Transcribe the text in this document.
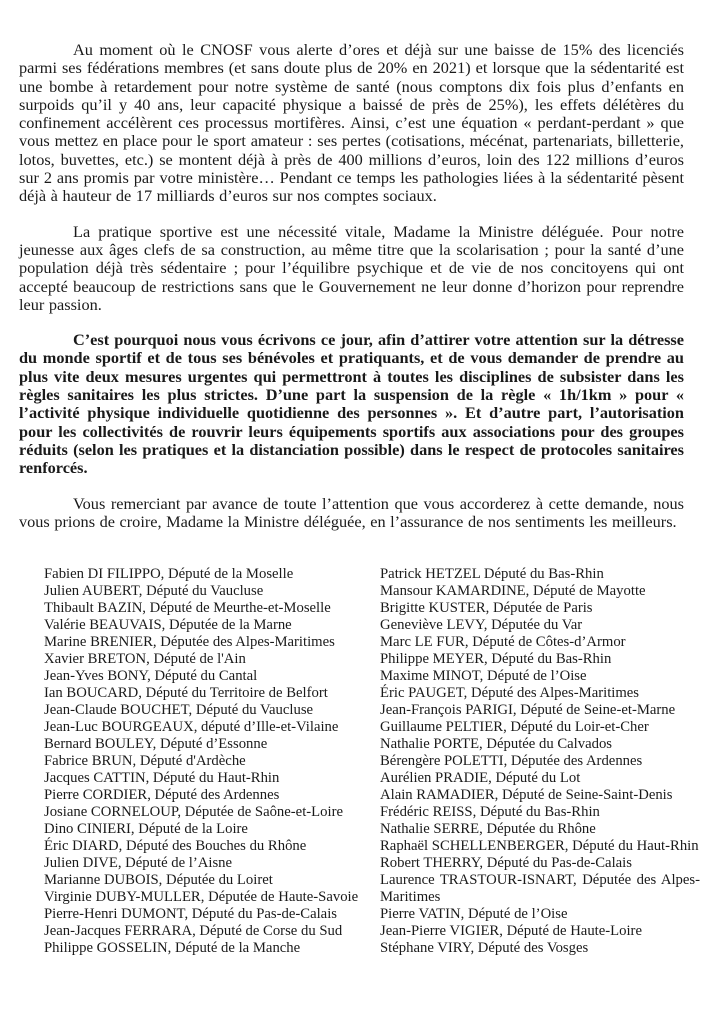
Au moment où le CNOSF vous alerte d’ores et déjà sur une baisse de 15% des licenciés parmi ses fédérations membres (et sans doute plus de 20% en 2021) et lorsque que la sédentarité est une bombe à retardement pour notre système de santé (nous comptons dix fois plus d’enfants en surpoids qu’il y 40 ans, leur capacité physique a baissé de près de 25%), les effets délétères du confinement accélèrent ces processus mortifères. Ainsi, c’est une équation « perdant-perdant » que vous mettez en place pour le sport amateur : ses pertes (cotisations, mécénat, partenariats, billetterie, lotos, buvettes, etc.) se montent déjà à près de 400 millions d’euros, loin des 122 millions d’euros sur 2 ans promis par votre ministère… Pendant ce temps les pathologies liées à la sédentarité pèsent déjà à hauteur de 17 milliards d’euros sur nos comptes sociaux.

La pratique sportive est une nécessité vitale, Madame la Ministre déléguée. Pour notre jeunesse aux âges clefs de sa construction, au même titre que la scolarisation ; pour la santé d’une population déjà très sédentaire ; pour l’équilibre psychique et de vie de nos concitoyens qui ont accepté beaucoup de restrictions sans que le Gouvernement ne leur donne d’horizon pour reprendre leur passion.

C’est pourquoi nous vous écrivons ce jour, afin d’attirer votre attention sur la détresse du monde sportif et de tous ses bénévoles et pratiquants, et de vous demander de prendre au plus vite deux mesures urgentes qui permettront à toutes les disciplines de subsister dans les règles sanitaires les plus strictes. D’une part la suspension de la règle « 1h/1km » pour « l’activité physique individuelle quotidienne des personnes ». Et d’autre part, l’autorisation pour les collectivités de rouvrir leurs équipements sportifs aux associations pour des groupes réduits (selon les pratiques et la distanciation possible) dans le respect de protocoles sanitaires renforcés.

Vous remerciant par avance de toute l’attention que vous accorderez à cette demande, nous vous prions de croire, Madame la Ministre déléguée, en l’assurance de nos sentiments les meilleurs.

Fabien DI FILIPPO, Député de la Moselle
Julien AUBERT, Député du Vaucluse
Thibault BAZIN, Député de Meurthe-et-Moselle
Valérie BEAUVAIS, Députée de la Marne
Marine BRENIER, Députée des Alpes-Maritimes
Xavier BRETON, Député de l'Ain
Jean-Yves BONY, Député du Cantal
Ian BOUCARD, Député du Territoire de Belfort
Jean-Claude BOUCHET, Député du Vaucluse
Jean-Luc BOURGEAUX, député d’Ille-et-Vilaine
Bernard BOULEY, Député d’Essonne
Fabrice BRUN, Député d'Ardèche
Jacques CATTIN, Député du Haut-Rhin
Pierre CORDIER, Député des Ardennes
Josiane CORNELOUP, Députée de Saône-et-Loire
Dino CINIERI, Député de la Loire
Éric DIARD, Député des Bouches du Rhône
Julien DIVE, Député de l’Aisne
Marianne DUBOIS, Députée du Loiret
Virginie DUBY-MULLER, Députée de Haute-Savoie
Pierre-Henri DUMONT, Député du Pas-de-Calais
Jean-Jacques FERRARA, Député de Corse du Sud
Philippe GOSSELIN, Député de la Manche
Patrick HETZEL Député du Bas-Rhin
Mansour KAMARDINE, Député de Mayotte
Brigitte KUSTER, Députée de Paris
Geneviève LEVY, Députée du Var
Marc LE FUR, Député de Côtes-d’Armor
Philippe MEYER, Député du Bas-Rhin
Maxime MINOT, Député de l’Oise
Éric PAUGET, Député des Alpes-Maritimes
Jean-François PARIGI, Député de Seine-et-Marne
Guillaume PELTIER, Député du Loir-et-Cher
Nathalie PORTE, Députée du Calvados
Bérengère POLETTI, Députée des Ardennes
Aurélien PRADIE, Député du Lot
Alain RAMADIER, Député de Seine-Saint-Denis
Frédéric REISS, Député du Bas-Rhin
Nathalie SERRE, Députée du Rhône
Raphaël SCHELLENBERGER, Député du Haut-Rhin
Robert THERRY, Député du Pas-de-Calais
Laurence TRASTOUR-ISNART, Députée des Alpes-Maritimes
Pierre VATIN, Député de l’Oise
Jean-Pierre VIGIER, Député de Haute-Loire
Stéphane VIRY, Député des Vosges
